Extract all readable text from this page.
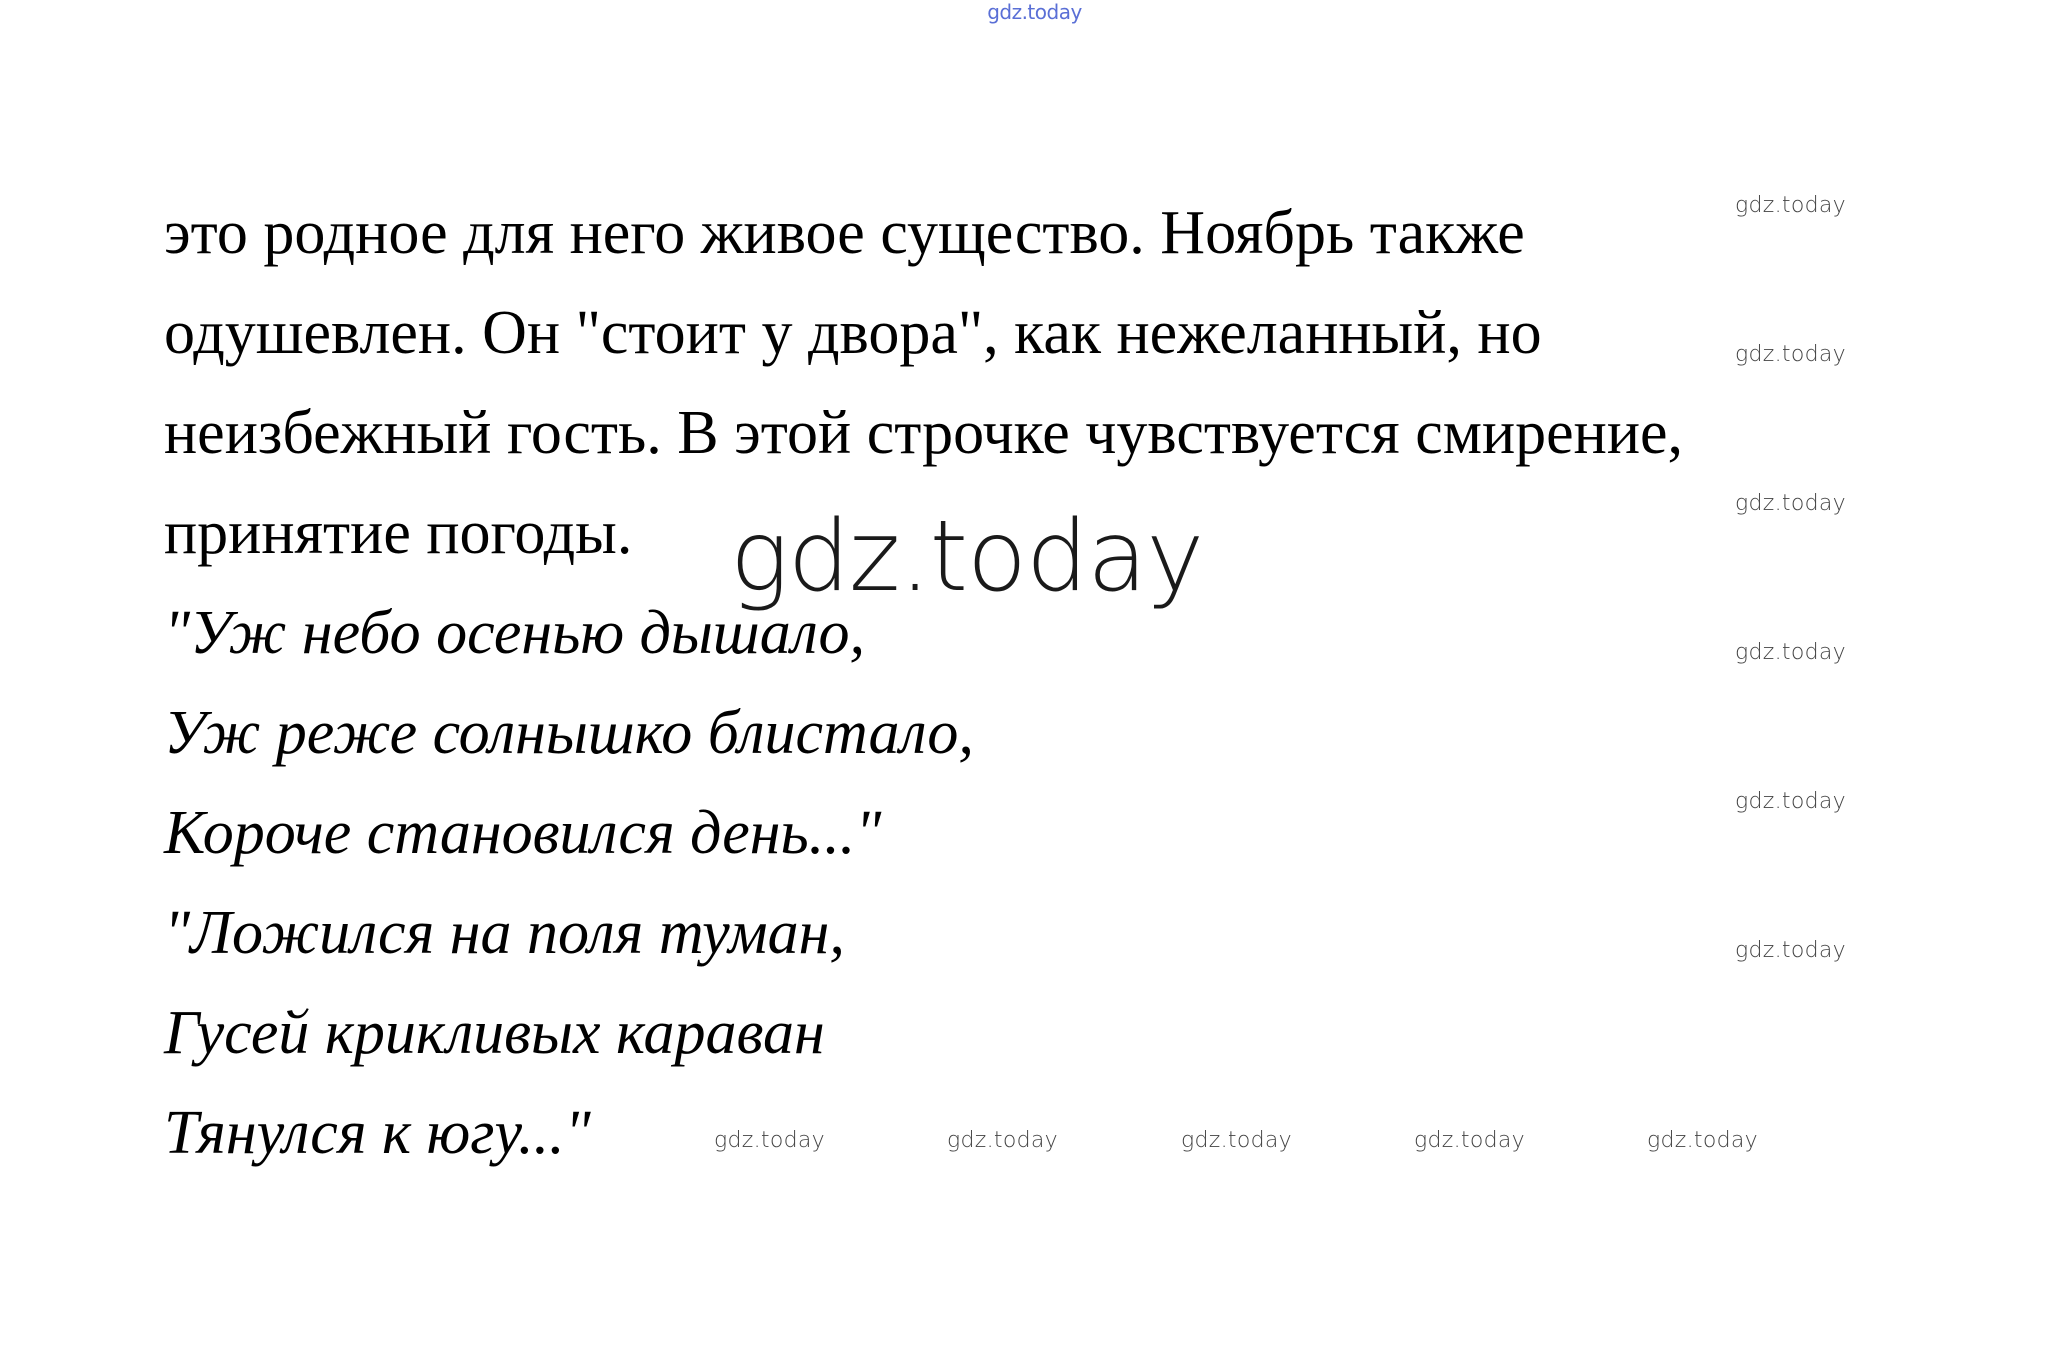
gdz.today
это родное для него живое существо. Ноябрь также
одушевлен. Он "стоит у двора", как нежеланный, но
неизбежный гость. В этой строчке чувствуется смирение,
принятие погоды.
"Уж небо осенью дышало,
Уж реже солнышко блистало,
Короче становился день..."
"Ложился на поля туман,
Гусей крикливых караван
Тянулся к югу..."
gdz.today
gdz.today
gdz.today
gdz.today
gdz.today
gdz.today
gdz.today
gdz.today	gdz.today	gdz.today	gdz.today	gdz.today
